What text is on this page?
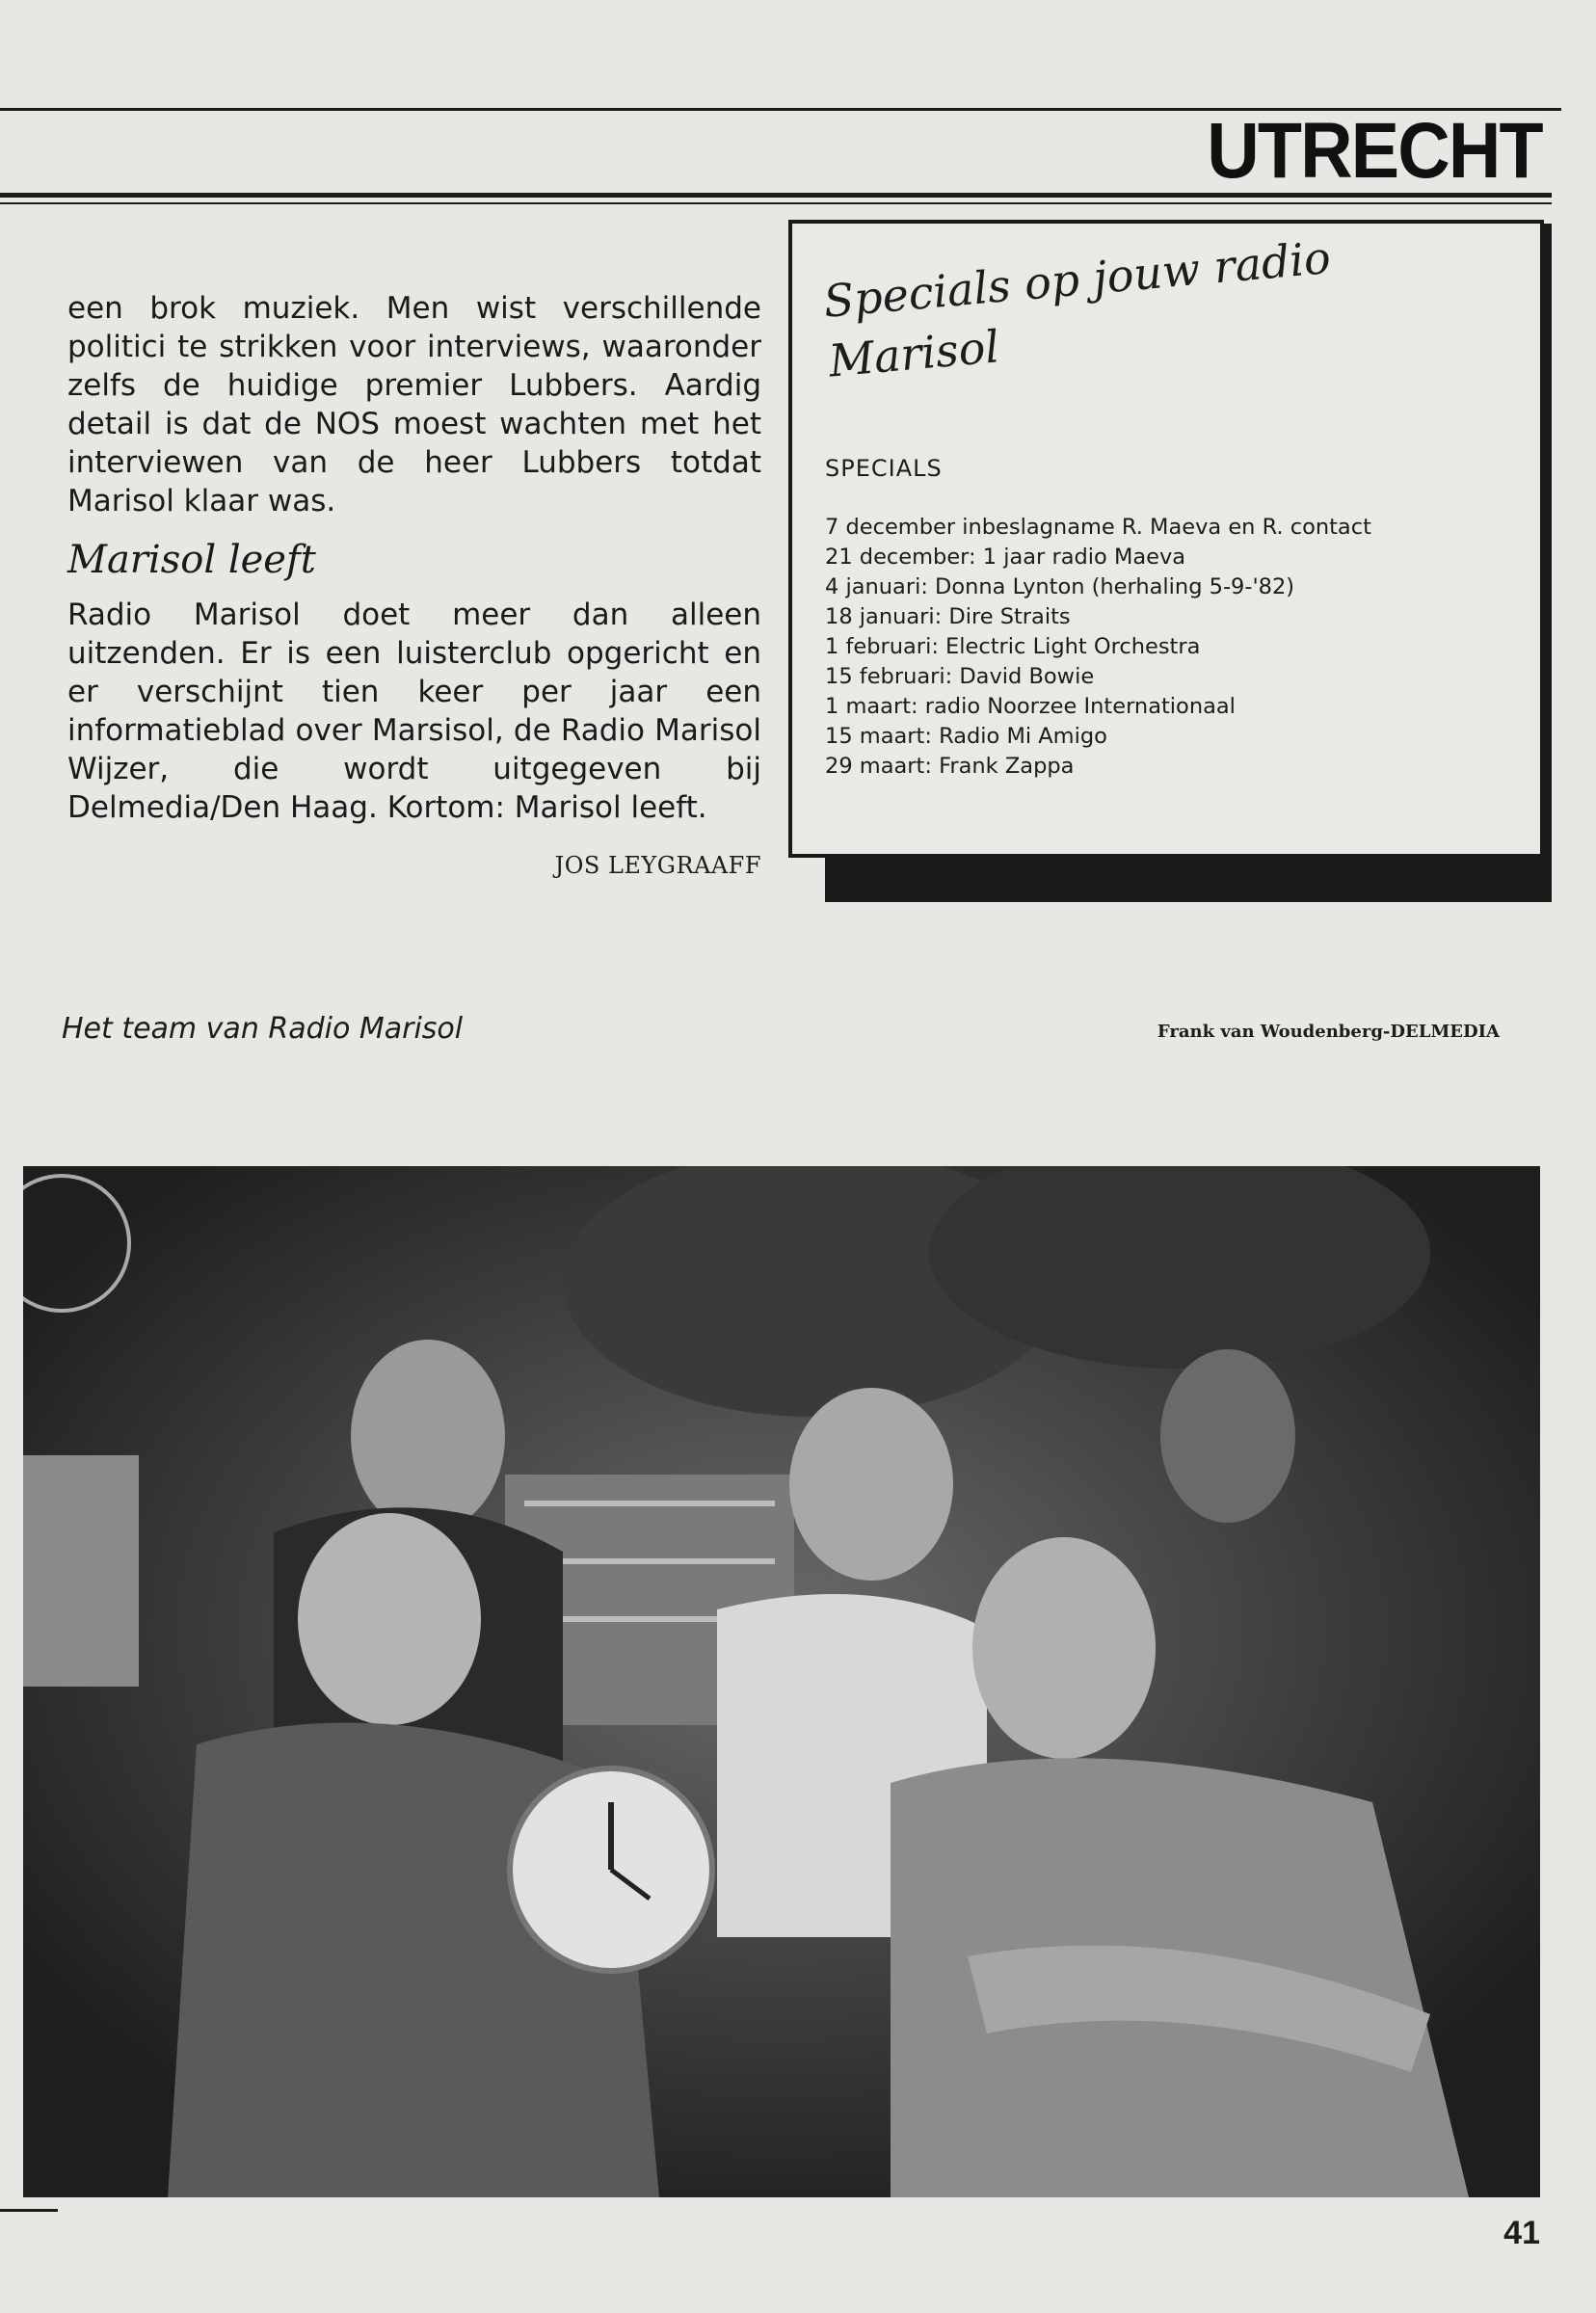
UTRECHT

een brok muziek. Men wist verschillende politici te strikken voor interviews, waaronder zelfs de huidige premier Lubbers. Aardig detail is dat de NOS moest wachten met het interviewen van de heer Lubbers totdat Marisol klaar was.

Marisol leeft

Radio Marisol doet meer dan alleen uitzenden. Er is een luisterclub opgericht en er verschijnt tien keer per jaar een informatieblad over Marsisol, de Radio Marisol Wijzer, die wordt uitgegeven bij Delmedia/Den Haag. Kortom: Marisol leeft.

JOS LEYGRAAFF
Specials op jouw radio
Marisol
SPECIALS
7 december inbeslagname R. Maeva en R. contact
21 december: 1 jaar radio Maeva
4 januari: Donna Lynton (herhaling 5-9-'82)
18 januari: Dire Straits
1 februari: Electric Light Orchestra
15 februari: David Bowie
1 maart: radio Noorzee Internationaal
15 maart: Radio Mi Amigo
29 maart: Frank Zappa
Het team van Radio Marisol	Frank van Woudenberg-DELMEDIA
41
